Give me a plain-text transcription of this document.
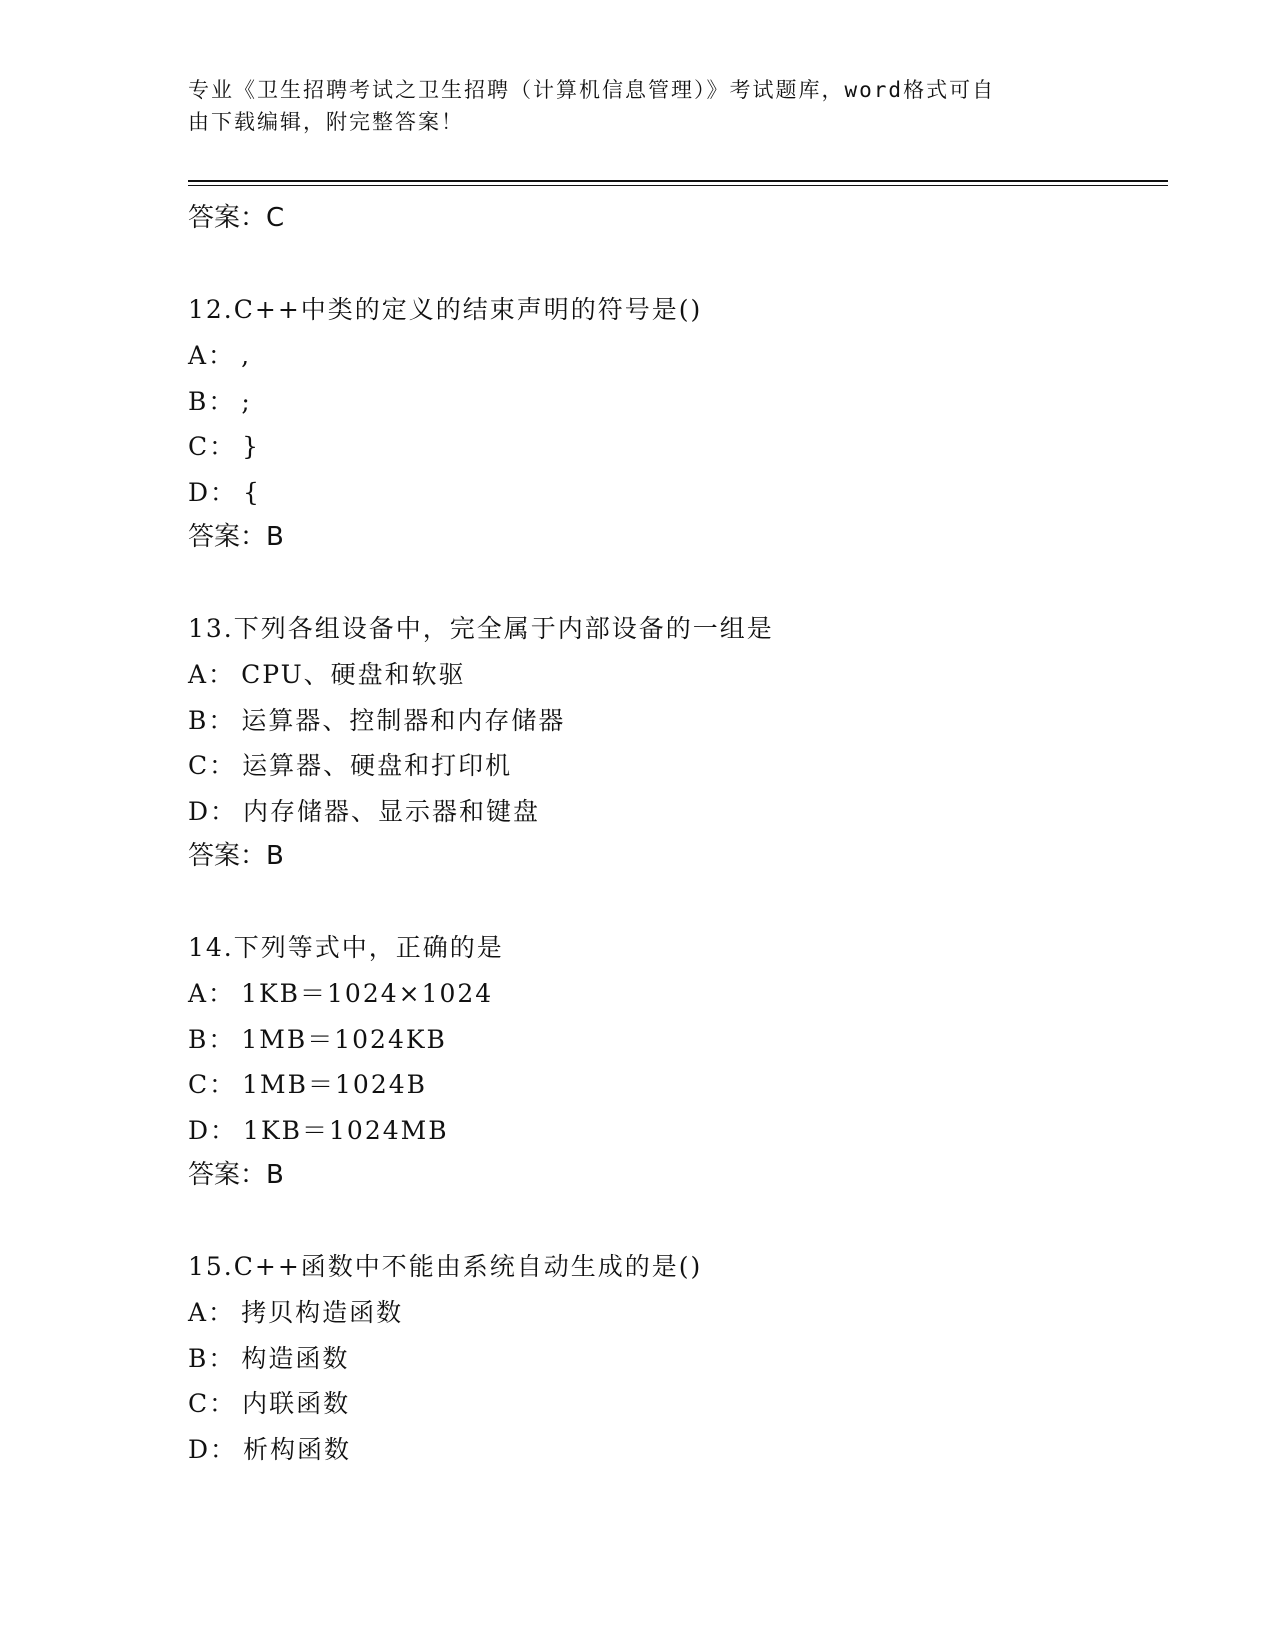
专业《卫生招聘考试之卫生招聘（计算机信息管理）》考试题库，word格式可自
由下载编辑，附完整答案！
答案：C
12.C++中类的定义的结束声明的符号是()
A： ,
B： ;
C： }
D： {
答案：B
13.下列各组设备中，完全属于内部设备的一组是
A： CPU、硬盘和软驱
B： 运算器、控制器和内存储器
C： 运算器、硬盘和打印机
D： 内存储器、显示器和键盘
答案：B
14.下列等式中，正确的是
A： 1KB＝1024×1024
B： 1MB＝1024KB
C： 1MB＝1024B
D： 1KB＝1024MB
答案：B
15.C++函数中不能由系统自动生成的是()
A： 拷贝构造函数
B： 构造函数
C： 内联函数
D： 析构函数
